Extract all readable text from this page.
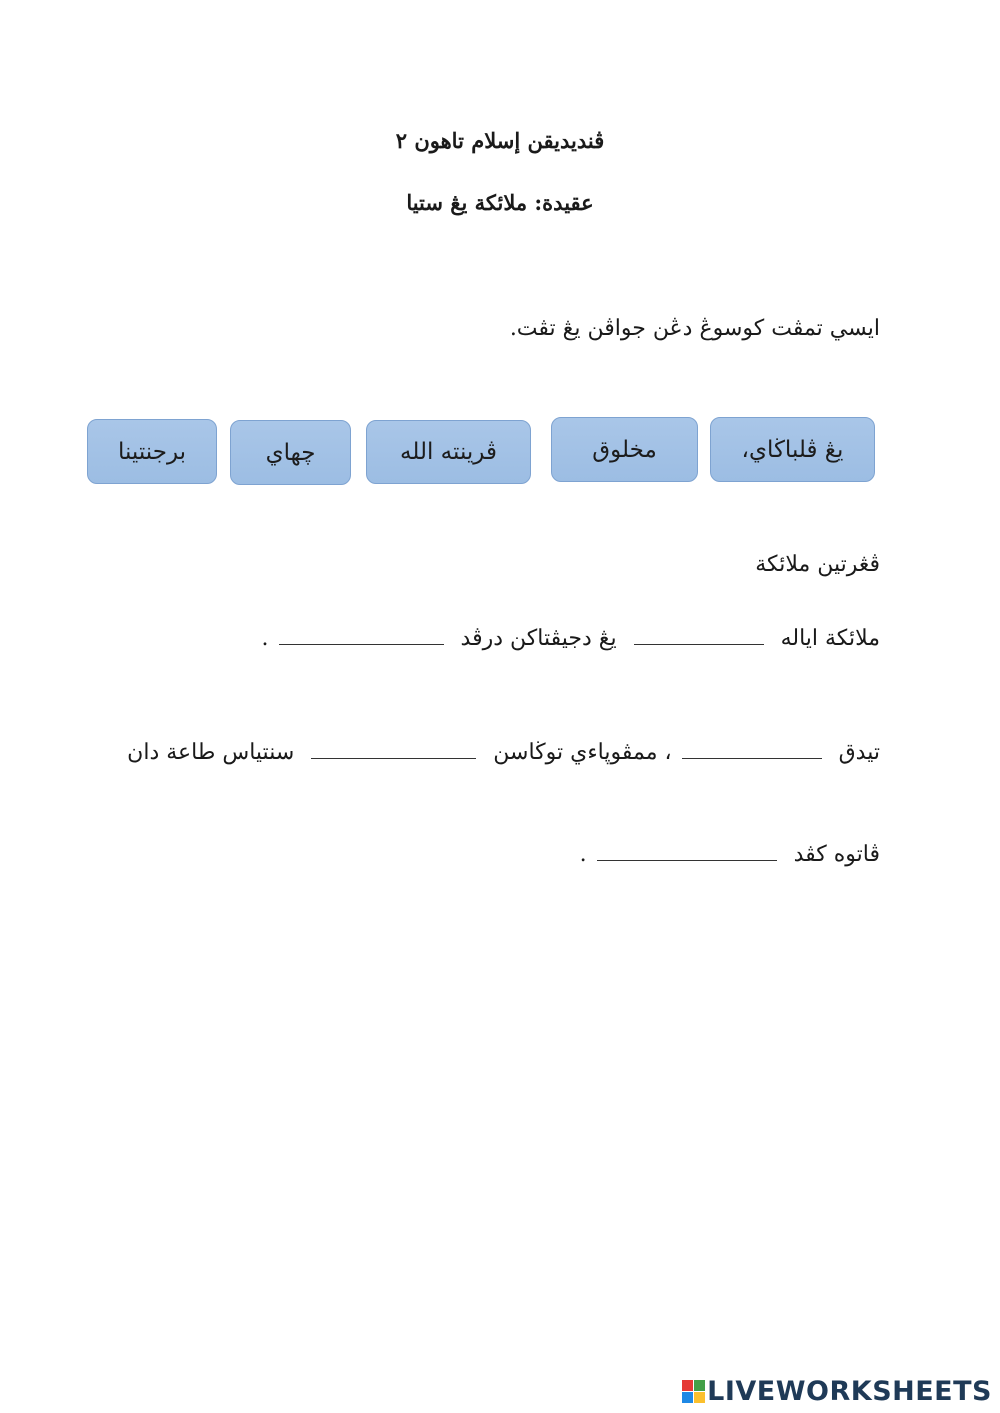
ڤنديديقن إسلام تاهون ٢
عقيدة: ملائكة يڠ ستيا
ايسي تمڤت كوسوڠ دڠن جواڤن يڠ تڤت.
يڠ ڤلباڬاي،
مخلوق
ڤرينته الله
چهاي
برجنتينا
ڤڠرتين ملائكة
ملائكة اياله  يڠ دجيڤتاكن درڤد .
تيدق ، ممڤوڽاءي توڬاسن  سنتياس طاعة دان
ڤاتوه كڤد .
LIVEWORKSHEETS
